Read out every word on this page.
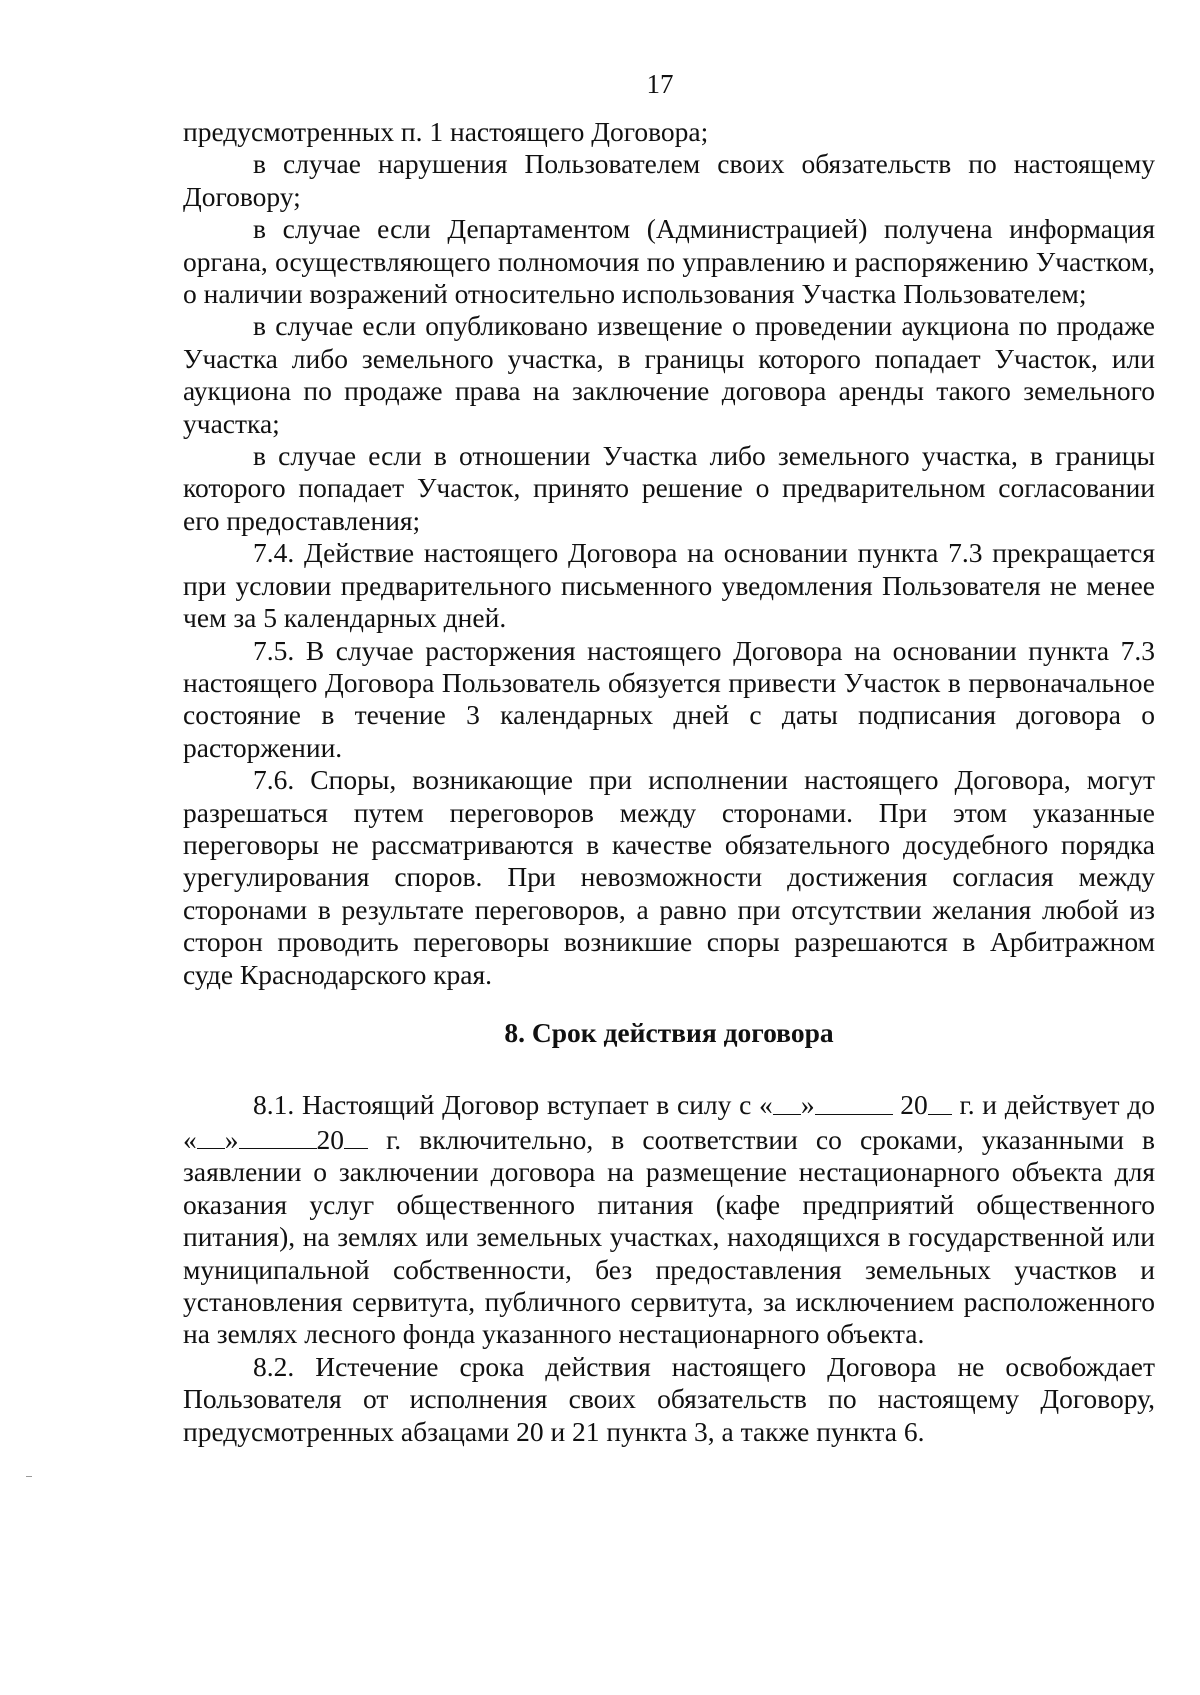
17

предусмотренных п. 1 настоящего Договора;

в случае нарушения Пользователем своих обязательств по настоящему Договору;

в случае если Департаментом (Администрацией) получена информация органа, осуществляющего полномочия по управлению и распоряжению Участком, о наличии возражений относительно использования Участка Пользователем;

в случае если опубликовано извещение о проведении аукциона по продаже Участка либо земельного участка, в границы которого попадает Участок, или аукциона по продаже права на заключение договора аренды такого земельного участка;

в случае если в отношении Участка либо земельного участка, в границы которого попадает Участок, принято решение о предварительном согласовании его предоставления;

7.4. Действие настоящего Договора на основании пункта 7.3 прекращается при условии предварительного письменного уведомления Пользователя не менее чем за 5 календарных дней.

7.5. В случае расторжения настоящего Договора на основании пункта 7.3 настоящего Договора Пользователь обязуется привести Участок в первоначальное состояние в течение 3 календарных дней с даты подписания договора о расторжении.

7.6. Споры, возникающие при исполнении настоящего Договора, могут разрешаться путем переговоров между сторонами. При этом указанные переговоры не рассматриваются в качестве обязательного досудебного порядка урегулирования споров. При невозможности достижения согласия между сторонами в результате переговоров, а равно при отсутствии желания любой из сторон проводить переговоры возникшие споры разрешаются в Арбитражном суде Краснодарского края.

8. Срок действия договора

8.1. Настоящий Договор вступает в силу с « »	20 г. и действует до « »	20 г. включительно, в соответствии со сроками, указанными в заявлении о заключении договора на размещение нестационарного объекта для оказания услуг общественного питания (кафе предприятий общественного питания), на землях или земельных участках, находящихся в государственной или муниципальной собственности, без предоставления земельных участков и установления сервитута, публичного сервитута, за исключением расположенного на землях лесного фонда указанного нестационарного объекта.

8.2. Истечение срока действия настоящего Договора не освобождает Пользователя от исполнения своих обязательств по настоящему Договору, предусмотренных абзацами 20 и 21 пункта 3, а также пункта 6.
